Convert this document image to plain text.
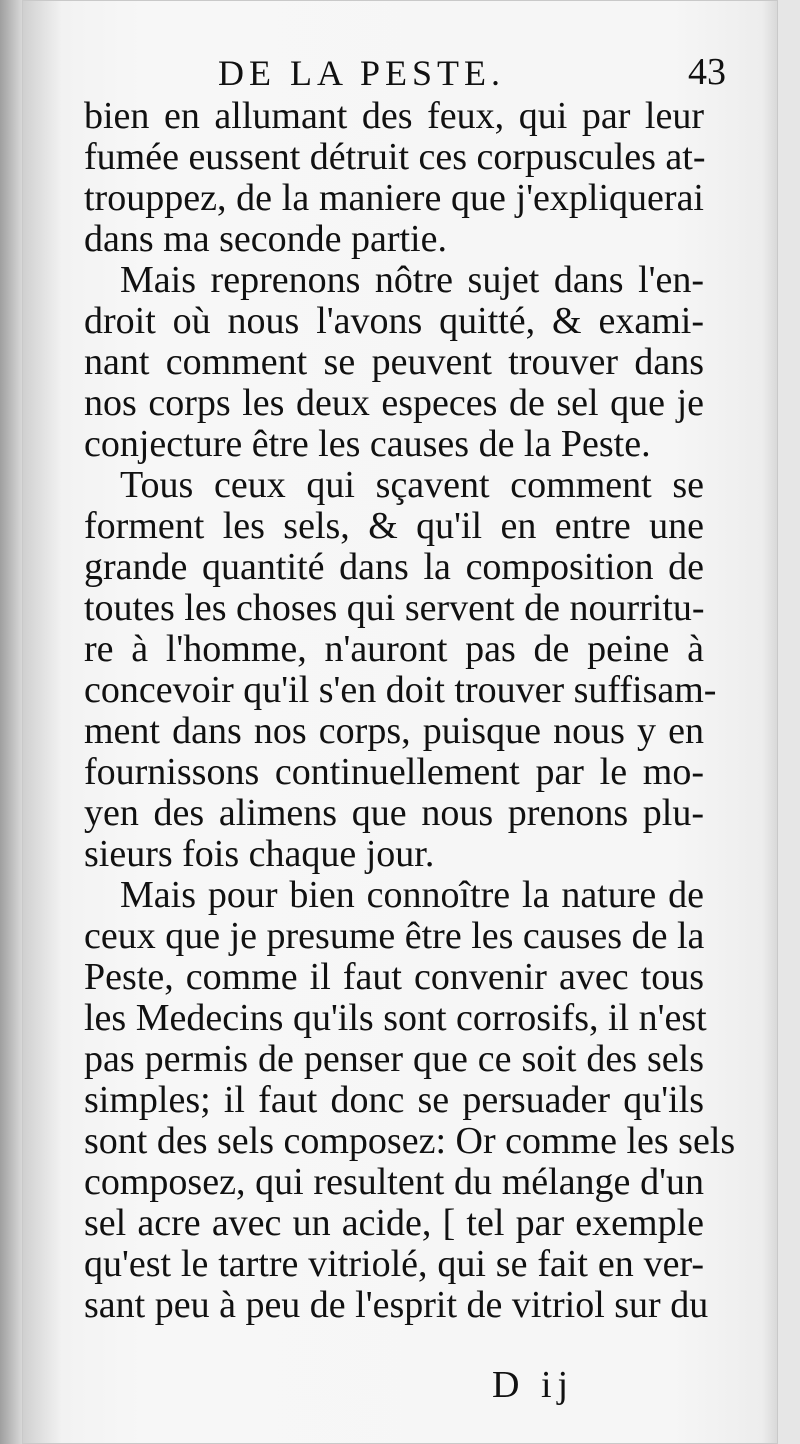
DE LA PESTE.	43
bien en allumant des feux, qui par leur
fumée eussent détruit ces corpuscules at-
trouppez, de la maniere que j'expliquerai
dans ma seconde partie.
Mais reprenons nôtre sujet dans l'en-
droit où nous l'avons quitté, & exami-
nant comment se peuvent trouver dans
nos corps les deux especes de sel que je
conjecture être les causes de la Peste.
Tous ceux qui sçavent comment se
forment les sels, & qu'il en entre une
grande quantité dans la composition de
toutes les choses qui servent de nourritu-
re à l'homme, n'auront pas de peine à
concevoir qu'il s'en doit trouver suffisam-
ment dans nos corps, puisque nous y en
fournissons continuellement par le mo-
yen des alimens que nous prenons plu-
sieurs fois chaque jour.
Mais pour bien connoître la nature de
ceux que je presume être les causes de la
Peste, comme il faut convenir avec tous
les Medecins qu'ils sont corrosifs, il n'est
pas permis de penser que ce soit des sels
simples; il faut donc se persuader qu'ils
sont des sels composez: Or comme les sels
composez, qui resultent du mélange d'un
sel acre avec un acide, [ tel par exemple
qu'est le tartre vitriolé, qui se fait en ver-
sant peu à peu de l'esprit de vitriol sur du
D ij
